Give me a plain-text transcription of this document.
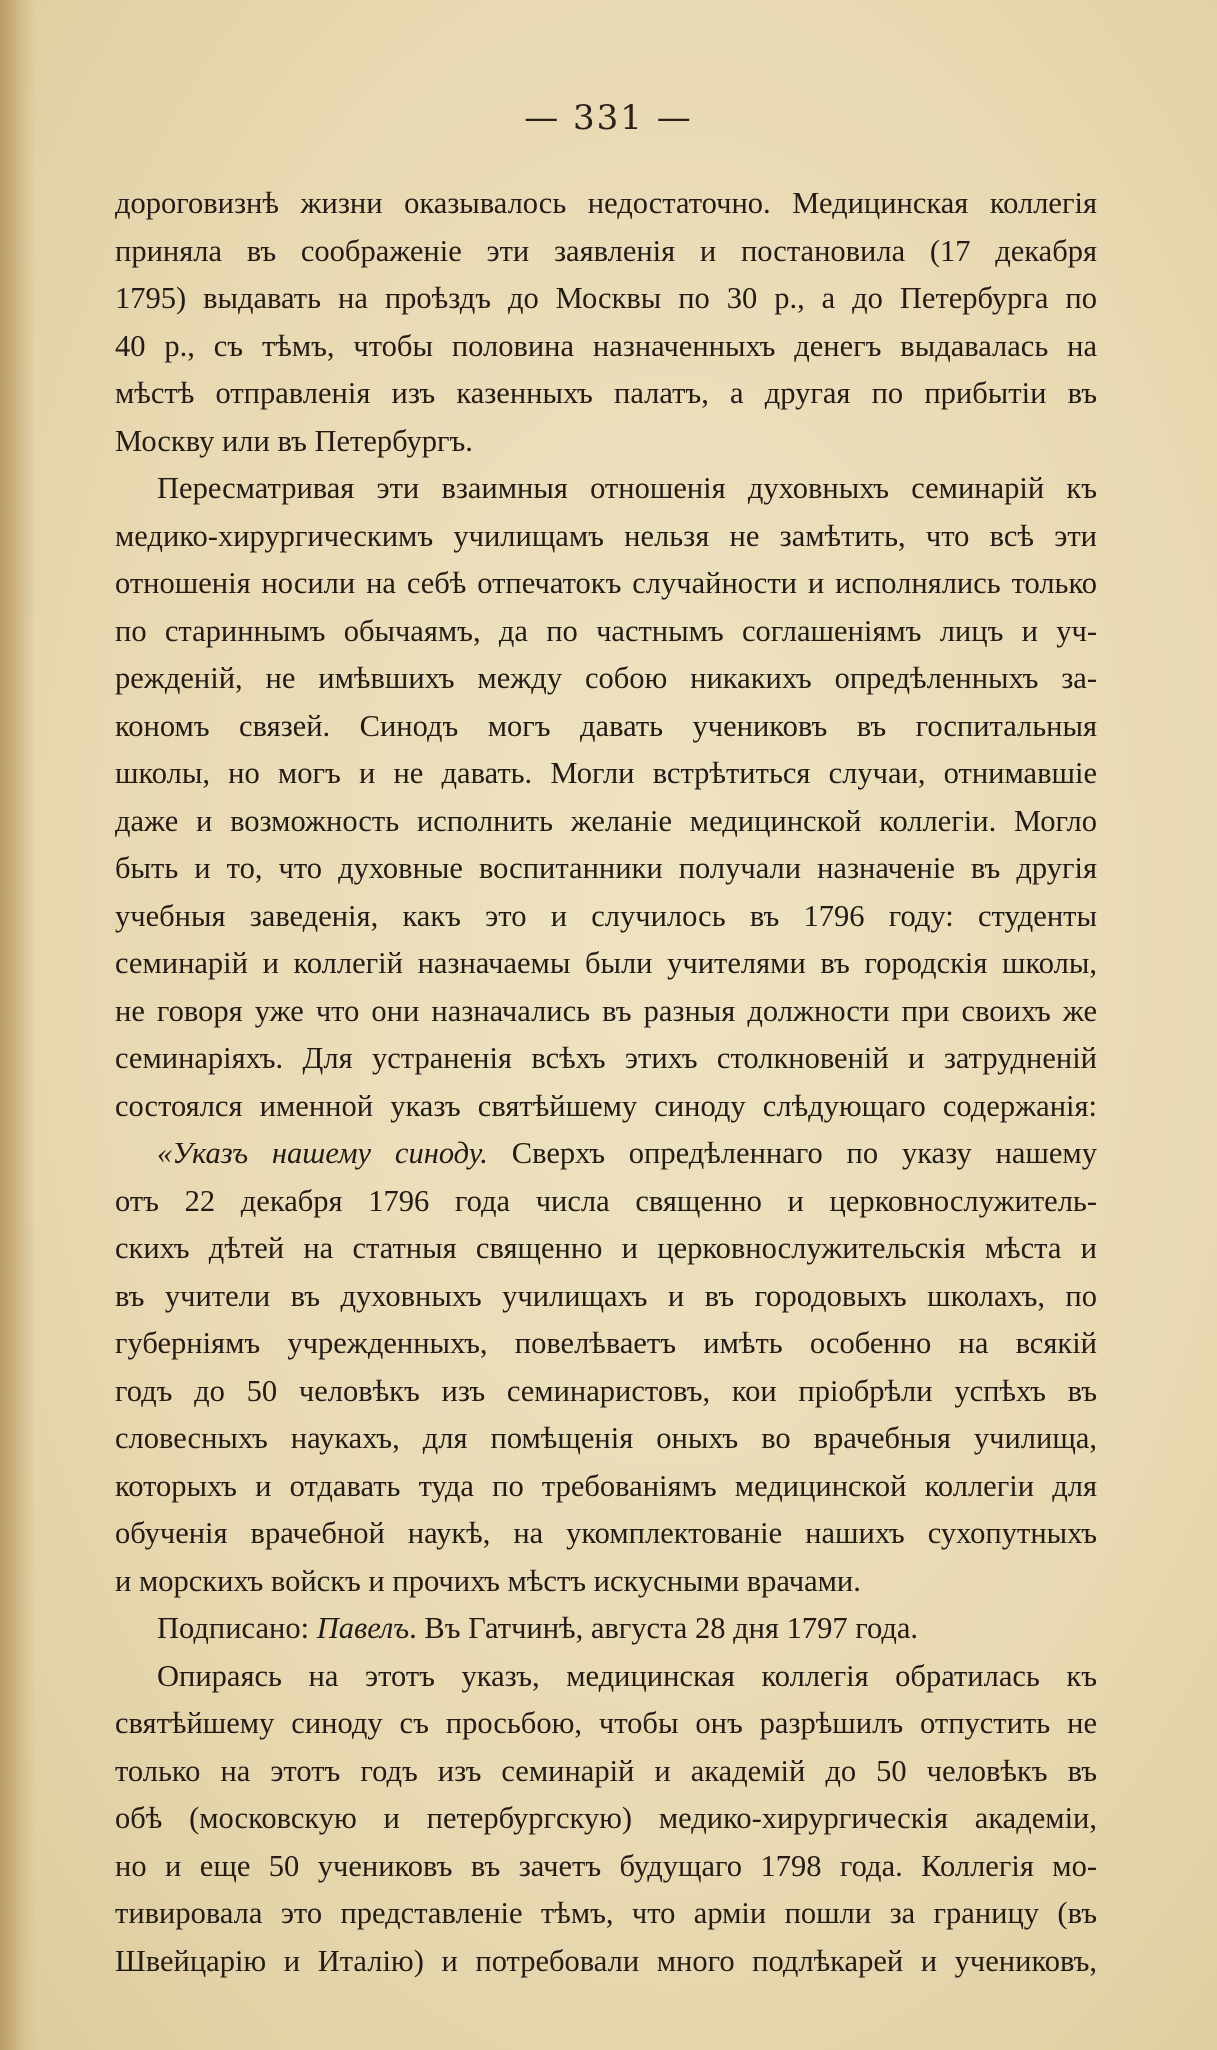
— 331 —
дороговизнѣ жизни оказывалось недостаточно. Медицинская коллегія
приняла въ соображеніе эти заявленія и постановила (17 декабря
1795) выдавать на проѣздъ до Москвы по 30 р., а до Петербурга по
40 р., съ тѣмъ, чтобы половина назначенныхъ денегъ выдавалась на
мѣстѣ отправленія изъ казенныхъ палатъ, а другая по прибытіи въ
Москву или въ Петербургъ.
Пересматривая эти взаимныя отношенія духовныхъ семинарій къ
медико-хирургическимъ училищамъ нельзя не замѣтить, что всѣ эти
отношенія носили на себѣ отпечатокъ случайности и исполнялись только
по стариннымъ обычаямъ, да по частнымъ соглашеніямъ лицъ и уч-
режденій, не имѣвшихъ между собою никакихъ опредѣленныхъ за-
кономъ связей. Синодъ могъ давать учениковъ въ госпитальныя
школы, но могъ и не давать. Могли встрѣтиться случаи, отнимавшіе
даже и возможность исполнить желаніе медицинской коллегіи. Могло
быть и то, что духовные воспитанники получали назначеніе въ другія
учебныя заведенія, какъ это и случилось въ 1796 году: студенты
семинарій и коллегій назначаемы были учителями въ городскія школы,
не говоря уже что они назначались въ разныя должности при своихъ же
семинаріяхъ. Для устраненія всѣхъ этихъ столкновеній и затрудненій
состоялся именной указъ святѣйшему синоду слѣдующаго содержанія:
«Указъ нашему синоду. Сверхъ опредѣленнаго по указу нашему
отъ 22 декабря 1796 года числа священно и церковнослужитель-
скихъ дѣтей на статныя священно и церковнослужительскія мѣста и
въ учители въ духовныхъ училищахъ и въ городовыхъ школахъ, по
губерніямъ учрежденныхъ, повелѣваетъ имѣть особенно на всякій
годъ до 50 человѣкъ изъ семинаристовъ, кои пріобрѣли успѣхъ въ
словесныхъ наукахъ, для помѣщенія оныхъ во врачебныя училища,
которыхъ и отдавать туда по требованіямъ медицинской коллегіи для
обученія врачебной наукѣ, на укомплектованіе нашихъ сухопутныхъ
и морскихъ войскъ и прочихъ мѣстъ искусными врачами.
Подписано: Павелъ. Въ Гатчинѣ, августа 28 дня 1797 года.
Опираясь на этотъ указъ, медицинская коллегія обратилась къ
святѣйшему синоду съ просьбою, чтобы онъ разрѣшилъ отпустить не
только на этотъ годъ изъ семинарій и академій до 50 человѣкъ въ
обѣ (московскую и петербургскую) медико-хирургическія академіи,
но и еще 50 учениковъ въ зачетъ будущаго 1798 года. Коллегія мо-
тивировала это представленіе тѣмъ, что арміи пошли за границу (въ
Швейцарію и Италію) и потребовали много подлѣкарей и учениковъ,
